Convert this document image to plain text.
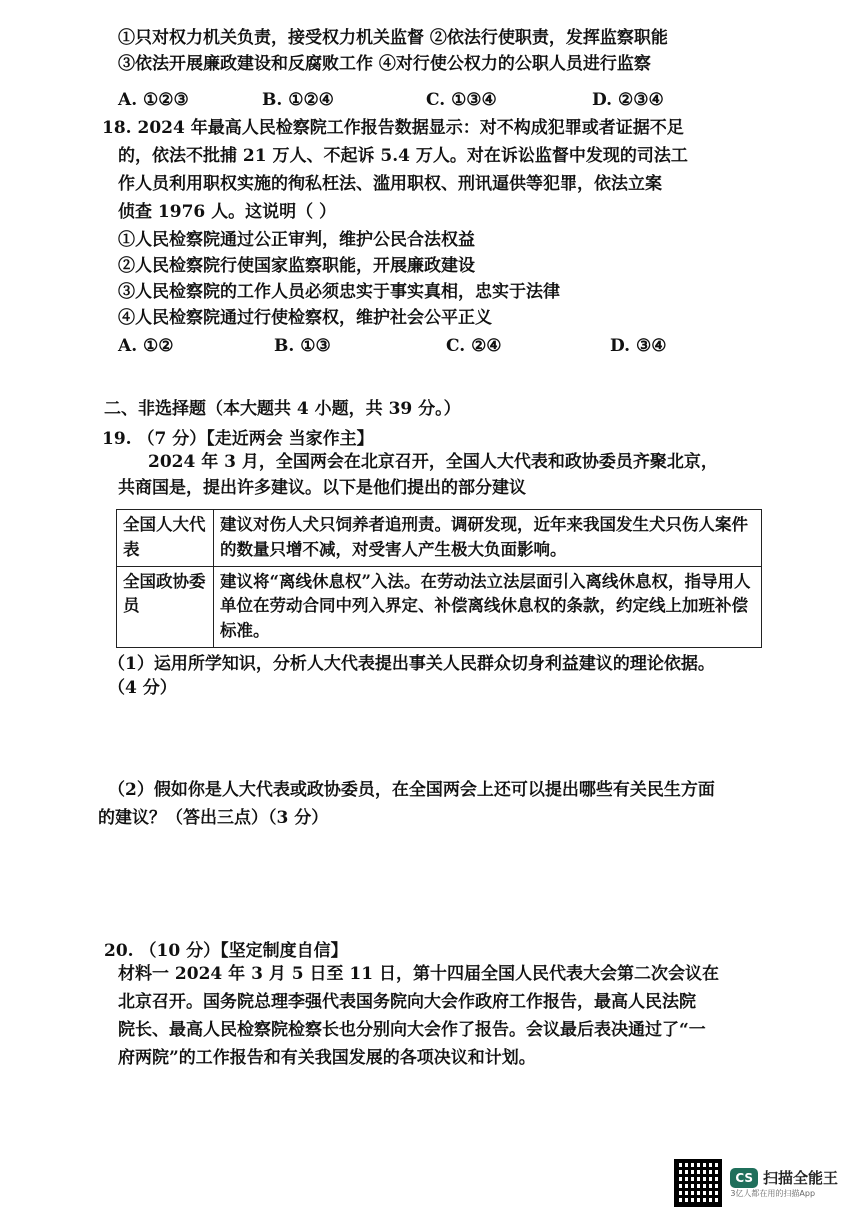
①只对权力机关负责，接受权力机关监督 ②依法行使职责，发挥监察职能
③依法开展廉政建设和反腐败工作 ④对行使公权力的公职人员进行监察
A. ①②③	B. ①②④	C. ①③④	D. ②③④
18. 2024 年最高人民检察院工作报告数据显示：对不构成犯罪或者证据不足
的，依法不批捕 21 万人、不起诉 5.4 万人。对在诉讼监督中发现的司法工
作人员利用职权实施的徇私枉法、滥用职权、刑讯逼供等犯罪，依法立案
侦查 1976 人。这说明（ ）
①人民检察院通过公正审判，维护公民合法权益
②人民检察院行使国家监察职能，开展廉政建设
③人民检察院的工作人员必须忠实于事实真相，忠实于法律
④人民检察院通过行使检察权，维护社会公平正义
A. ①②	B. ①③	C. ②④	D. ③④
二、非选择题（本大题共 4 小题，共 39 分。）
19. （7 分）【走近两会 当家作主】
2024 年 3 月，全国两会在北京召开，全国人大代表和政协委员齐聚北京，
共商国是，提出许多建议。以下是他们提出的部分建议
全国人大代表	建议对伤人犬只饲养者追刑责。调研发现，近年来我国发生犬只伤人案件的数量只增不减，对受害人产生极大负面影响。
全国政协委员	建议将“离线休息权”入法。在劳动法立法层面引入离线休息权，指导用人单位在劳动合同中列入界定、补偿离线休息权的条款，约定线上加班补偿标准。
（1）运用所学知识，分析人大代表提出事关人民群众切身利益建议的理论依据。
（4 分）
（2）假如你是人大代表或政协委员，在全国两会上还可以提出哪些有关民生方面
的建议？（答出三点）（3 分）
20. （10 分）【坚定制度自信】
材料一 2024 年 3 月 5 日至 11 日，第十四届全国人民代表大会第二次会议在
北京召开。国务院总理李强代表国务院向大会作政府工作报告，最高人民法院
院长、最高人民检察院检察长也分别向大会作了报告。会议最后表决通过了“一
府两院”的工作报告和有关我国发展的各项决议和计划。
CS 扫描全能王
3亿人都在用的扫描App
